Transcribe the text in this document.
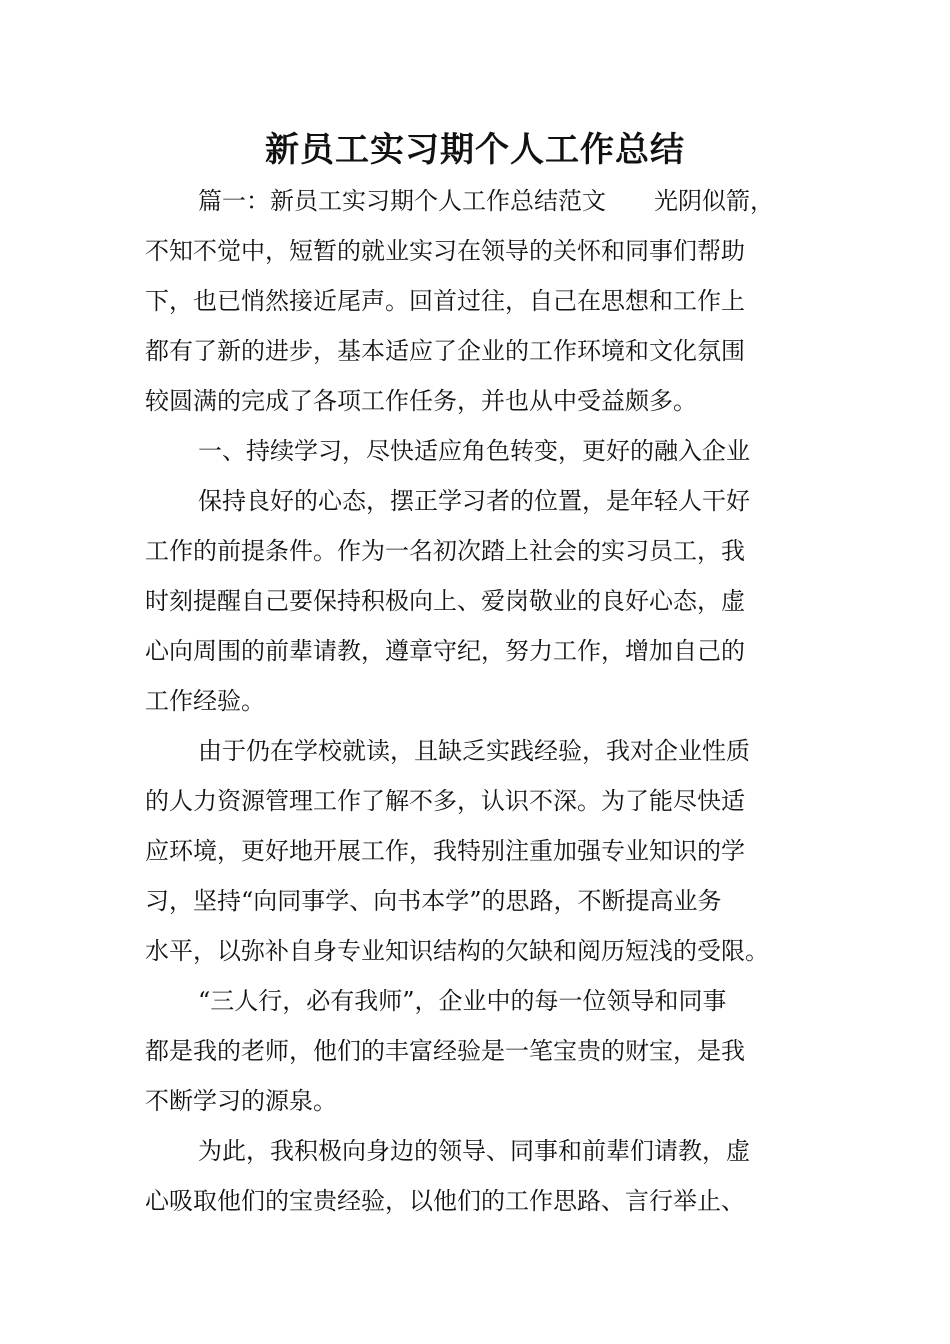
新员工实习期个人工作总结
篇一：新员工实习期个人工作总结范文　　光阴似箭，
不知不觉中，短暂的就业实习在领导的关怀和同事们帮助
下，也已悄然接近尾声。回首过往，自己在思想和工作上
都有了新的进步，基本适应了企业的工作环境和文化氛围
较圆满的完成了各项工作任务，并也从中受益颇多。
一、持续学习，尽快适应角色转变，更好的融入企业
保持良好的心态，摆正学习者的位置，是年轻人干好
工作的前提条件。作为一名初次踏上社会的实习员工，我
时刻提醒自己要保持积极向上、爱岗敬业的良好心态，虚
心向周围的前辈请教，遵章守纪，努力工作，增加自己的
工作经验。
由于仍在学校就读，且缺乏实践经验，我对企业性质
的人力资源管理工作了解不多，认识不深。为了能尽快适
应环境，更好地开展工作，我特别注重加强专业知识的学
习，坚持“向同事学、向书本学”的思路，不断提高业务
水平，以弥补自身专业知识结构的欠缺和阅历短浅的受限。
“三人行，必有我师”，企业中的每一位领导和同事
都是我的老师，他们的丰富经验是一笔宝贵的财宝，是我
不断学习的源泉。
为此，我积极向身边的领导、同事和前辈们请教，虚
心吸取他们的宝贵经验，以他们的工作思路、言行举止、
